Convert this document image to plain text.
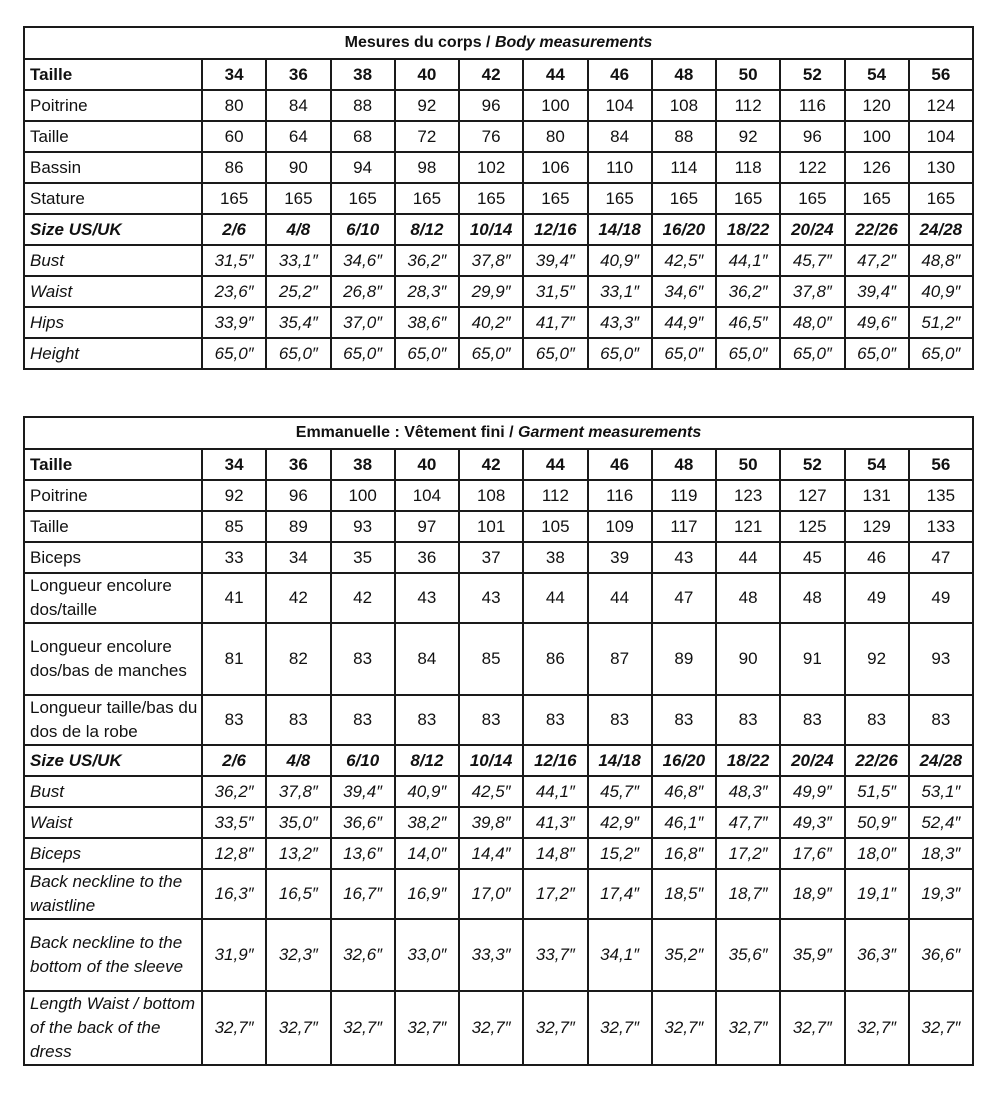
Mesures du corps / Body measurements												
Taille	34	36	38	40	42	44	46	48	50	52	54	56
Poitrine	80	84	88	92	96	100	104	108	112	116	120	124
Taille	60	64	68	72	76	80	84	88	92	96	100	104
Bassin	86	90	94	98	102	106	110	114	118	122	126	130
Stature	165	165	165	165	165	165	165	165	165	165	165	165
Size US/UK	2/6	4/8	6/10	8/12	10/14	12/16	14/18	16/20	18/22	20/24	22/26	24/28
Bust	31,5″	33,1″	34,6″	36,2″	37,8″	39,4″	40,9″	42,5″	44,1″	45,7″	47,2″	48,8″
Waist	23,6″	25,2″	26,8″	28,3″	29,9″	31,5″	33,1″	34,6″	36,2″	37,8″	39,4″	40,9″
Hips	33,9″	35,4″	37,0″	38,6″	40,2″	41,7″	43,3″	44,9″	46,5″	48,0″	49,6″	51,2″
Height	65,0″	65,0″	65,0″	65,0″	65,0″	65,0″	65,0″	65,0″	65,0″	65,0″	65,0″	65,0″
Emmanuelle : Vêtement fini / Garment measurements												
Taille	34	36	38	40	42	44	46	48	50	52	54	56
Poitrine	92	96	100	104	108	112	116	119	123	127	131	135
Taille	85	89	93	97	101	105	109	117	121	125	129	133
Biceps	33	34	35	36	37	38	39	43	44	45	46	47
Longueur encolure dos/taille	41	42	42	43	43	44	44	47	48	48	49	49
Longueur encolure dos/bas de manches	81	82	83	84	85	86	87	89	90	91	92	93
Longueur taille/bas du dos de la robe	83	83	83	83	83	83	83	83	83	83	83	83
Size US/UK	2/6	4/8	6/10	8/12	10/14	12/16	14/18	16/20	18/22	20/24	22/26	24/28
Bust	36,2″	37,8″	39,4″	40,9″	42,5″	44,1″	45,7″	46,8″	48,3″	49,9″	51,5″	53,1″
Waist	33,5″	35,0″	36,6″	38,2″	39,8″	41,3″	42,9″	46,1″	47,7″	49,3″	50,9″	52,4″
Biceps	12,8″	13,2″	13,6″	14,0″	14,4″	14,8″	15,2″	16,8″	17,2″	17,6″	18,0″	18,3″
Back neckline to the waistline	16,3″	16,5″	16,7″	16,9″	17,0″	17,2″	17,4″	18,5″	18,7″	18,9″	19,1″	19,3″
Back neckline to the bottom of the sleeve	31,9″	32,3″	32,6″	33,0″	33,3″	33,7″	34,1″	35,2″	35,6″	35,9″	36,3″	36,6″
Length Waist / bottom of the back of the dress	32,7″	32,7″	32,7″	32,7″	32,7″	32,7″	32,7″	32,7″	32,7″	32,7″	32,7″	32,7″
